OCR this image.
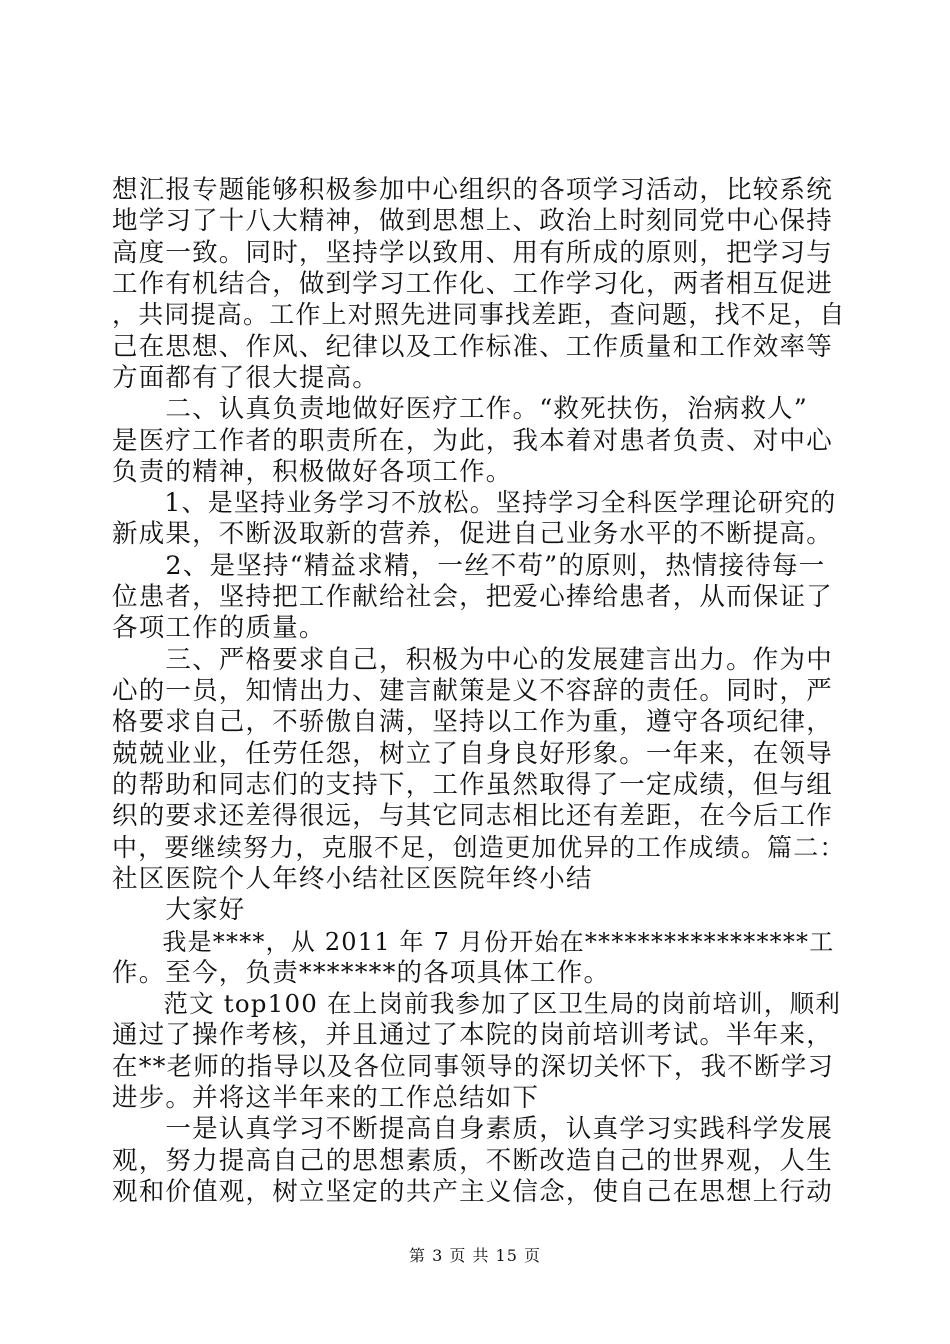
想汇报专题能够积极参加中心组织的各项学习活动，比较系统
地学习了十八大精神，做到思想上、政治上时刻同党中心保持
高度一致。同时，坚持学以致用、用有所成的原则，把学习与
工作有机结合，做到学习工作化、工作学习化，两者相互促进
，共同提高。工作上对照先进同事找差距，查问题，找不足，自
己在思想、作风、纪律以及工作标准、工作质量和工作效率等
方面都有了很大提高。
　　二、认真负责地做好医疗工作。“救死扶伤，治病救人”
是医疗工作者的职责所在，为此，我本着对患者负责、对中心
负责的精神，积极做好各项工作。
　　1、是坚持业务学习不放松。坚持学习全科医学理论研究的
新成果，不断汲取新的营养，促进自己业务水平的不断提高。
　　2、是坚持“精益求精，一丝不苟”的原则，热情接待每一
位患者，坚持把工作献给社会，把爱心捧给患者，从而保证了
各项工作的质量。
　　三、严格要求自己，积极为中心的发展建言出力。作为中
心的一员，知情出力、建言献策是义不容辞的责任。同时，严
格要求自己，不骄傲自满，坚持以工作为重，遵守各项纪律，
兢兢业业，任劳任怨，树立了自身良好形象。一年来，在领导
的帮助和同志们的支持下，工作虽然取得了一定成绩，但与组
织的要求还差得很远，与其它同志相比还有差距，在今后工作
中，要继续努力，克服不足，创造更加优异的工作成绩。篇二：
社区医院个人年终小结社区医院年终小结
　　大家好
　　我是****，从 2011 年 7 月份开始在*****************工
作。至今，负责*******的各项具体工作。
　　范文 top100 在上岗前我参加了区卫生局的岗前培训，顺利
通过了操作考核，并且通过了本院的岗前培训考试。半年来，
在**老师的指导以及各位同事领导的深切关怀下，我不断学习
进步。并将这半年来的工作总结如下
　　一是认真学习不断提高自身素质，认真学习实践科学发展
第 3 页 共 15 页
观，努力提高自己的思想素质，不断改造自己的世界观，人生
观和价值观，树立坚定的共产主义信念，使自己在思想上行动
